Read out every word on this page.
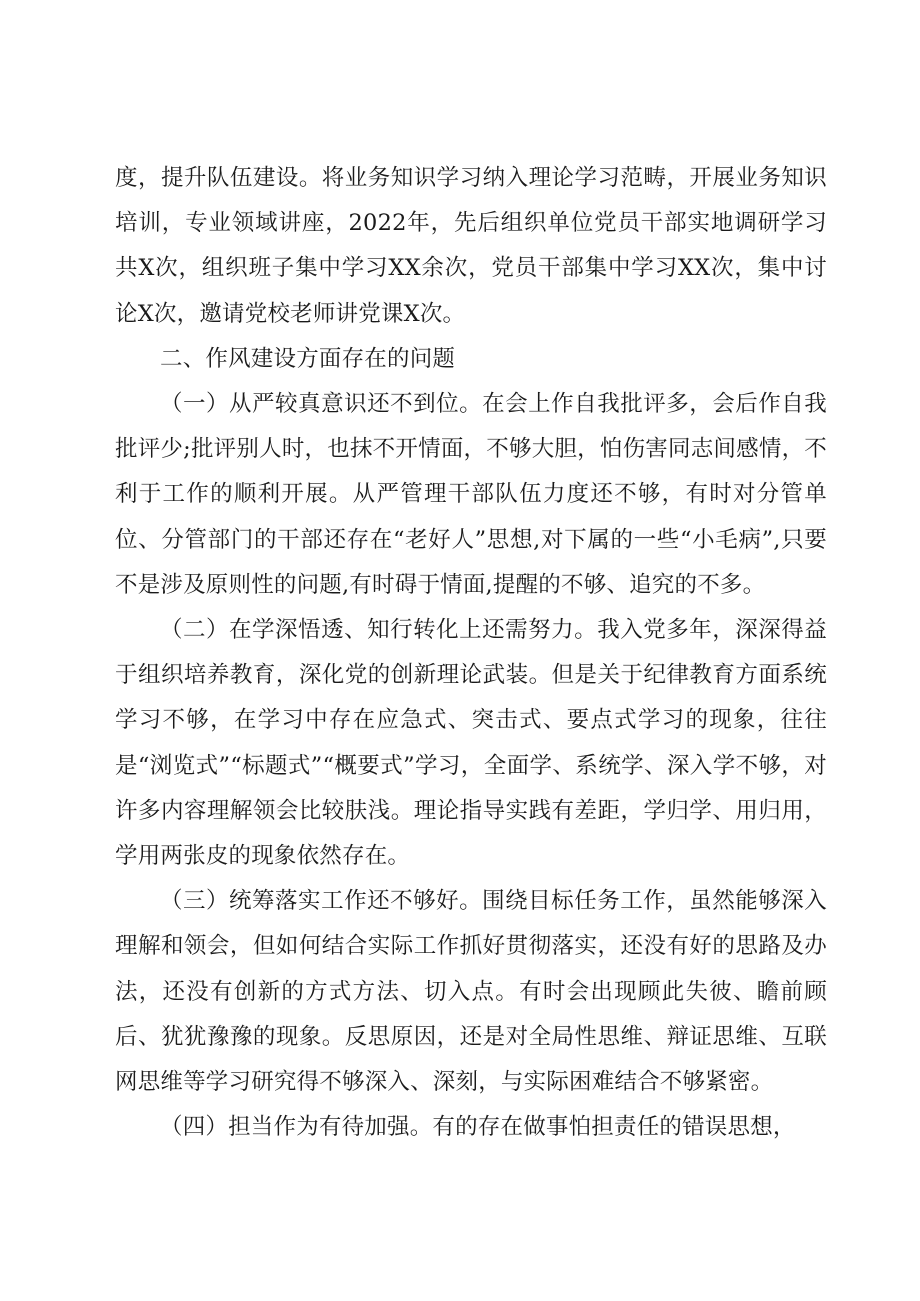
度，提升队伍建设。将业务知识学习纳入理论学习范畴，开展业务知识培训，专业领域讲座，2022年，先后组织单位党员干部实地调研学习共X次，组织班子集中学习XX余次，党员干部集中学习XX次，集中讨论X次，邀请党校老师讲党课X次。

二、作风建设方面存在的问题

（一）从严较真意识还不到位。在会上作自我批评多，会后作自我批评少;批评别人时，也抹不开情面，不够大胆，怕伤害同志间感情，不利于工作的顺利开展。从严管理干部队伍力度还不够，有时对分管单位、分管部门的干部还存在“老好人”思想,对下属的一些“小毛病”,只要不是涉及原则性的问题,有时碍于情面,提醒的不够、追究的不多。

（二）在学深悟透、知行转化上还需努力。我入党多年，深深得益于组织培养教育，深化党的创新理论武装。但是关于纪律教育方面系统学习不够，在学习中存在应急式、突击式、要点式学习的现象，往往是“浏览式”“标题式”“概要式”学习，全面学、系统学、深入学不够，对许多内容理解领会比较肤浅。理论指导实践有差距，学归学、用归用，学用两张皮的现象依然存在。

（三）统筹落实工作还不够好。围绕目标任务工作，虽然能够深入理解和领会，但如何结合实际工作抓好贯彻落实，还没有好的思路及办法，还没有创新的方式方法、切入点。有时会出现顾此失彼、瞻前顾后、犹犹豫豫的现象。反思原因，还是对全局性思维、辩证思维、互联网思维等学习研究得不够深入、深刻，与实际困难结合不够紧密。

（四）担当作为有待加强。有的存在做事怕担责任的错误思想，
